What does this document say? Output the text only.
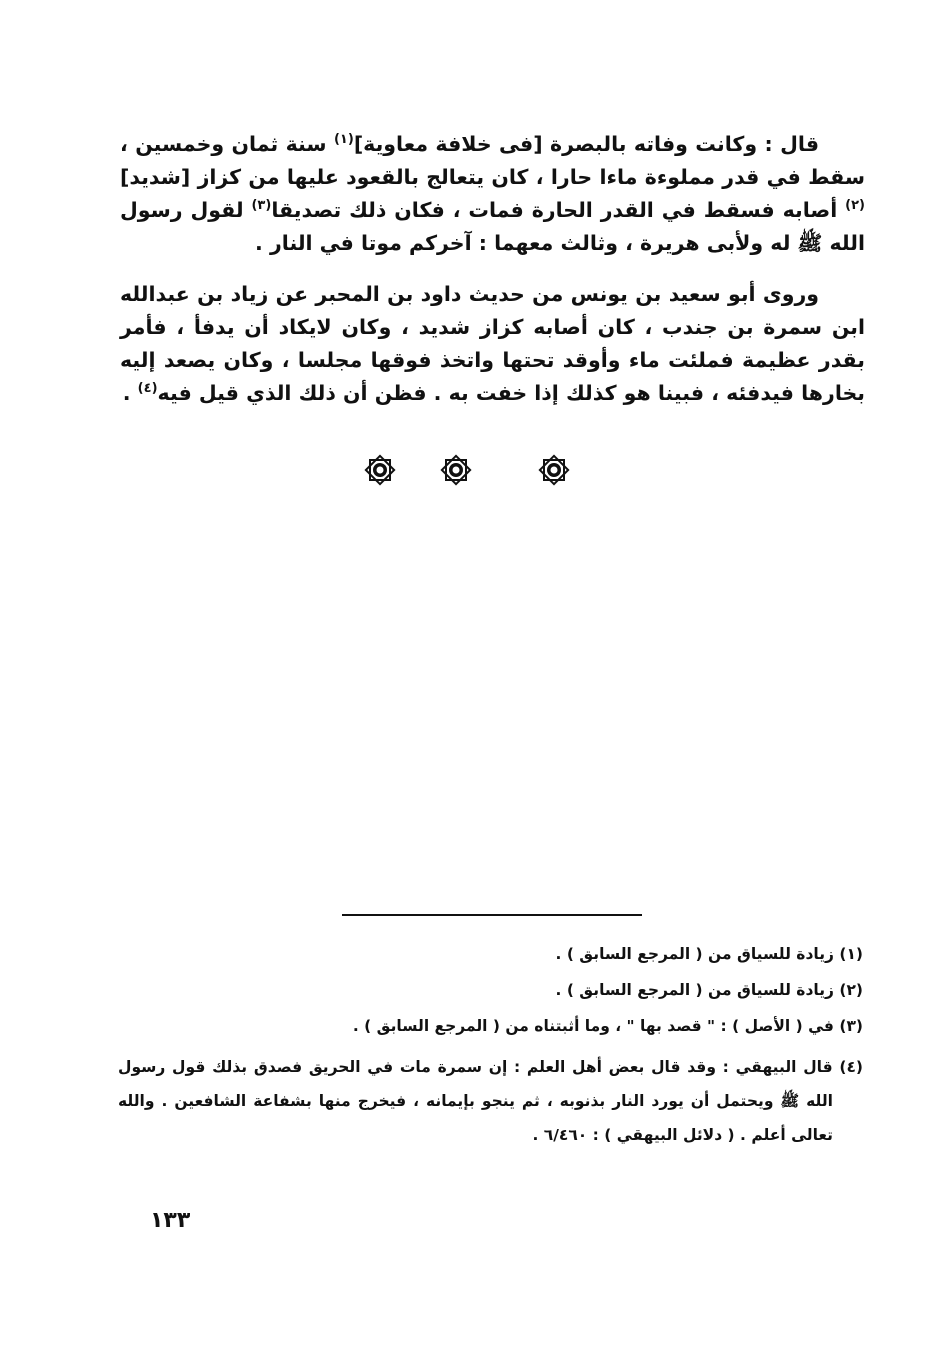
قال : وكانت وفاته بالبصرة [فى خلافة معاوية]$^{(١)}$ سنة ثمان وخمسين ، سقط في قدر مملوءة ماءا حارا ، كان يتعالج بالقعود عليها من كزاز [شديد]$^{(٢)}$ أصابه فسقط في القدر الحارة فمات ، فكان ذلك تصديقا$^{(٣)}$ لقول رسول الله ﷺ له ولأبى هريرة ، وثالث معهما : آخركم موتا في النار .

وروى أبو سعيد بن يونس من حديث داود بن المحبر عن زياد بن عبدالله ابن سمرة بن جندب ، كان أصابه كزاز شديد ، وكان لايكاد أن يدفأ ، فأمر بقدر عظيمة فملئت ماء وأوقد تحتها واتخذ فوقها مجلسا ، وكان يصعد إليه بخارها فيدفئه ، فبينا هو كذلك إذا خفت به . فظن أن ذلك الذي قيل فيه$^{(٤)}$ .

(١) زيادة للسياق من ( المرجع السابق ) .

(٢) زيادة للسياق من ( المرجع السابق ) .

(٣) في ( الأصل ) : " قصد بها " ، وما أثبتناه من ( المرجع السابق ) .

(٤) قال البيهقي : وقد قال بعض أهل العلم : إن سمرة مات في الحريق فصدق بذلك قول رسول الله ﷺ ويحتمل أن يورد النار بذنوبه ، ثم ينجو بإيمانه ، فيخرج منها بشفاعة الشافعين . والله تعالى أعلم . ( دلائل البيهقي ) : ٦/٤٦٠ .

١٣٣
